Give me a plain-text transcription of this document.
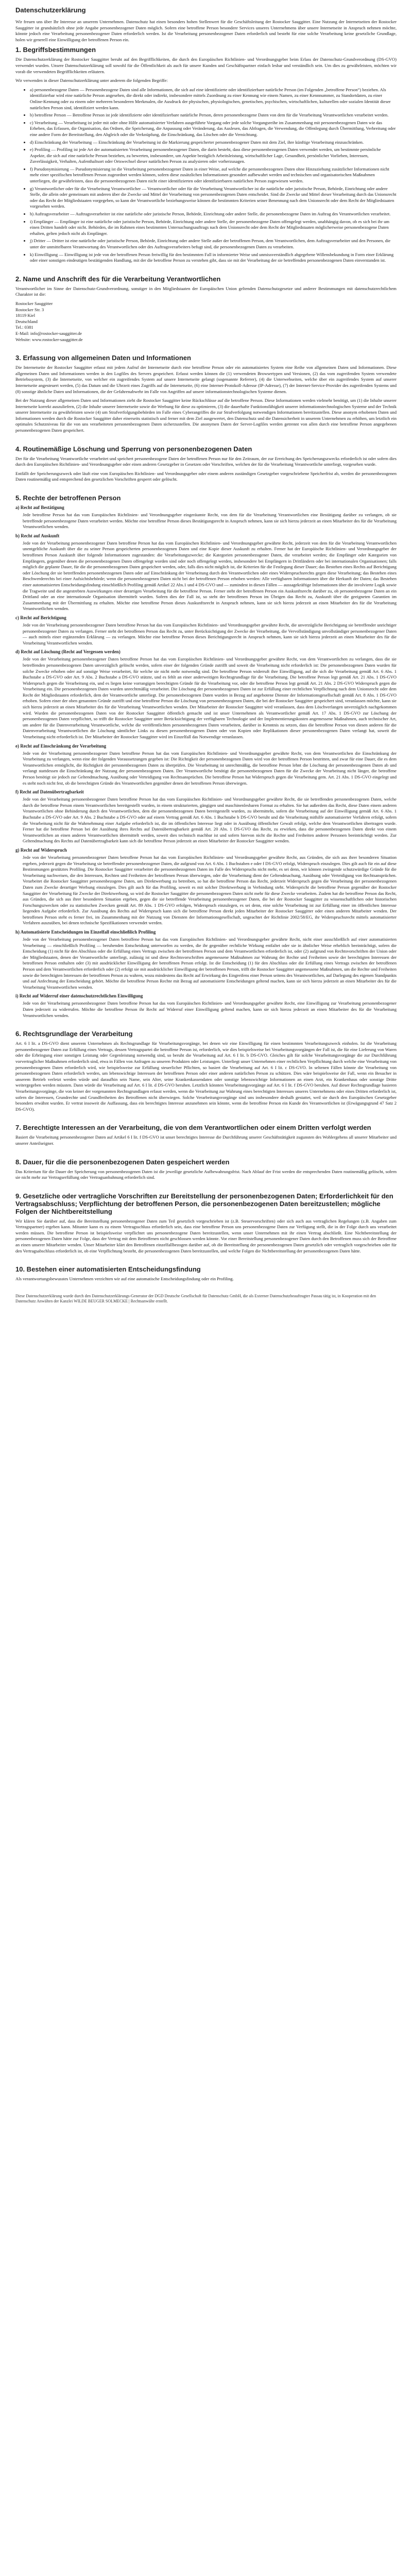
Datenschutzerklärung

Wir freuen uns über Ihr Interesse an unserem Unternehmen. Datenschutz hat einen besonders hohen Stellenwert für die Geschäftsleitung der Rostocker Sauggitter. Eine Nutzung der Internetseiten der Rostocker Sauggitter ist grundsätzlich ohne jede Angabe personenbezogener Daten möglich. Sofern eine betroffene Person besondere Services unseres Unternehmens über unsere Internetseite in Anspruch nehmen möchte, könnte jedoch eine Verarbeitung personenbezogener Daten erforderlich werden. Ist die Verarbeitung personenbezogener Daten erforderlich und besteht für eine solche Verarbeitung keine gesetzliche Grundlage, holen wir generell eine Einwilligung der betroffenen Person ein.

1. Begriffsbestimmungen

Die Datenschutzerklärung der Rostocker Sauggitter beruht auf den Begrifflichkeiten, die durch den Europäischen Richtlinien- und Verordnungsgeber beim Erlass der Datenschutz-Grundverordnung (DS-GVO) verwendet wurden. Unsere Datenschutzerklärung soll sowohl für die Öffentlichkeit als auch für unsere Kunden und Geschäftspartner einfach lesbar und verständlich sein. Um dies zu gewährleisten, möchten wir vorab die verwendeten Begrifflichkeiten erläutern.

Wir verwenden in dieser Datenschutzerklärung unter anderem die folgenden Begriffe:

• a) personenbezogene Daten — Personenbezogene Daten sind alle Informationen, die sich auf eine identifizierte oder identifizierbare natürliche Person (im Folgenden „betroffene Person“) beziehen. Als identifizierbar wird eine natürliche Person angesehen, die direkt oder indirekt, insbesondere mittels Zuordnung zu einer Kennung wie einem Namen, zu einer Kennnummer, zu Standortdaten, zu einer Online-Kennung oder zu einem oder mehreren besonderen Merkmalen, die Ausdruck der physischen, physiologischen, genetischen, psychischen, wirtschaftlichen, kulturellen oder sozialen Identität dieser natürlichen Person sind, identifiziert werden kann.
• b) betroffene Person — Betroffene Person ist jede identifizierte oder identifizierbare natürliche Person, deren personenbezogene Daten von dem für die Verarbeitung Verantwortlichen verarbeitet werden.
• c) Verarbeitung — Verarbeitung ist jeder mit oder ohne Hilfe automatisierter Verfahren ausgeführte Vorgang oder jede solche Vorgangsreihe im Zusammenhang mit personenbezogenen Daten wie das Erheben, das Erfassen, die Organisation, das Ordnen, die Speicherung, die Anpassung oder Veränderung, das Auslesen, das Abfragen, die Verwendung, die Offenlegung durch Übermittlung, Verbreitung oder eine andere Form der Bereitstellung, den Abgleich oder die Verknüpfung, die Einschränkung, das Löschen oder die Vernichtung.
• d) Einschränkung der Verarbeitung — Einschränkung der Verarbeitung ist die Markierung gespeicherter personenbezogener Daten mit dem Ziel, ihre künftige Verarbeitung einzuschränken.
• e) Profiling — Profiling ist jede Art der automatisierten Verarbeitung personenbezogener Daten, die darin besteht, dass diese personenbezogenen Daten verwendet werden, um bestimmte persönliche Aspekte, die sich auf eine natürliche Person beziehen, zu bewerten, insbesondere, um Aspekte bezüglich Arbeitsleistung, wirtschaftlicher Lage, Gesundheit, persönlicher Vorlieben, Interessen, Zuverlässigkeit, Verhalten, Aufenthaltsort oder Ortswechsel dieser natürlichen Person zu analysieren oder vorherzusagen.
• f) Pseudonymisierung — Pseudonymisierung ist die Verarbeitung personenbezogener Daten in einer Weise, auf welche die personenbezogenen Daten ohne Hinzuziehung zusätzlicher Informationen nicht mehr einer spezifischen betroffenen Person zugeordnet werden können, sofern diese zusätzlichen Informationen gesondert aufbewahrt werden und technischen und organisatorischen Maßnahmen unterliegen, die gewährleisten, dass die personenbezogenen Daten nicht einer identifizierten oder identifizierbaren natürlichen Person zugewiesen werden.
• g) Verantwortlicher oder für die Verarbeitung Verantwortlicher — Verantwortlicher oder für die Verarbeitung Verantwortlicher ist die natürliche oder juristische Person, Behörde, Einrichtung oder andere Stelle, die allein oder gemeinsam mit anderen über die Zwecke und Mittel der Verarbeitung von personenbezogenen Daten entscheidet. Sind die Zwecke und Mittel dieser Verarbeitung durch das Unionsrecht oder das Recht der Mitgliedstaaten vorgegeben, so kann der Verantwortliche beziehungsweise können die bestimmten Kriterien seiner Benennung nach dem Unionsrecht oder dem Recht der Mitgliedstaaten vorgesehen werden.
• h) Auftragsverarbeiter — Auftragsverarbeiter ist eine natürliche oder juristische Person, Behörde, Einrichtung oder andere Stelle, die personenbezogene Daten im Auftrag des Verantwortlichen verarbeitet.
• i) Empfänger — Empfänger ist eine natürliche oder juristische Person, Behörde, Einrichtung oder andere Stelle, der personenbezogene Daten offengelegt werden, unabhängig davon, ob es sich bei ihr um einen Dritten handelt oder nicht. Behörden, die im Rahmen eines bestimmten Untersuchungsauftrags nach dem Unionsrecht oder dem Recht der Mitgliedstaaten möglicherweise personenbezogene Daten erhalten, gelten jedoch nicht als Empfänger.
• j) Dritter — Dritter ist eine natürliche oder juristische Person, Behörde, Einrichtung oder andere Stelle außer der betroffenen Person, dem Verantwortlichen, dem Auftragsverarbeiter und den Personen, die unter der unmittelbaren Verantwortung des Verantwortlichen oder des Auftragsverarbeiters befugt sind, die personenbezogenen Daten zu verarbeiten.
• k) Einwilligung — Einwilligung ist jede von der betroffenen Person freiwillig für den bestimmten Fall in informierter Weise und unmissverständlich abgegebene Willensbekundung in Form einer Erklärung oder einer sonstigen eindeutigen bestätigenden Handlung, mit der die betroffene Person zu verstehen gibt, dass sie mit der Verarbeitung der sie betreffenden personenbezogenen Daten einverstanden ist.
2. Name und Anschrift des für die Verarbeitung Verantwortlichen

Verantwortlicher im Sinne der Datenschutz-Grundverordnung, sonstiger in den Mitgliedstaaten der Europäischen Union geltenden Datenschutzgesetze und anderer Bestimmungen mit datenschutzrechtlichem Charakter ist die:

Rostocker Sauggitter
Rostocker Str. 3
18119 Kiel
Deutschland
Tel.: 0381
E-Mail: info@rostocker-sauggitter.de
Website: www.rostocker-sauggitter.de
3. Erfassung von allgemeinen Daten und Informationen

Die Internetseite der Rostocker Sauggitter erfasst mit jedem Aufruf der Internetseite durch eine betroffene Person oder ein automatisiertes System eine Reihe von allgemeinen Daten und Informationen. Diese allgemeinen Daten und Informationen werden in den Logfiles des Servers gespeichert. Erfasst werden können die (1) verwendeten Browsertypen und Versionen, (2) das vom zugreifenden System verwendete Betriebssystem, (3) die Internetseite, von welcher ein zugreifendes System auf unsere Internetseite gelangt (sogenannte Referrer), (4) die Unterwebseiten, welche über ein zugreifendes System auf unserer Internetseite angesteuert werden, (5) das Datum und die Uhrzeit eines Zugriffs auf die Internetseite, (6) eine Internet-Protokoll-Adresse (IP-Adresse), (7) der Internet-Service-Provider des zugreifenden Systems und (8) sonstige ähnliche Daten und Informationen, die der Gefahrenabwehr im Falle von Angriffen auf unsere informationstechnologischen Systeme dienen.

Bei der Nutzung dieser allgemeinen Daten und Informationen zieht die Rostocker Sauggitter keine Rückschlüsse auf die betroffene Person. Diese Informationen werden vielmehr benötigt, um (1) die Inhalte unserer Internetseite korrekt auszuliefern, (2) die Inhalte unserer Internetseite sowie die Werbung für diese zu optimieren, (3) die dauerhafte Funktionsfähigkeit unserer informationstechnologischen Systeme und der Technik unserer Internetseite zu gewährleisten sowie (4) um Strafverfolgungsbehörden im Falle eines Cyberangriffes die zur Strafverfolgung notwendigen Informationen bereitzustellen. Diese anonym erhobenen Daten und Informationen werden durch die Rostocker Sauggitter daher einerseits statistisch und ferner mit dem Ziel ausgewertet, den Datenschutz und die Datensicherheit in unserem Unternehmen zu erhöhen, um letztlich ein optimales Schutzniveau für die von uns verarbeiteten personenbezogenen Daten sicherzustellen. Die anonymen Daten der Server-Logfiles werden getrennt von allen durch eine betroffene Person angegebenen personenbezogenen Daten gespeichert.

4. Routinemäßige Löschung und Sperrung von personenbezogenen Daten

Der für die Verarbeitung Verantwortliche verarbeitet und speichert personenbezogene Daten der betroffenen Person nur für den Zeitraum, der zur Erreichung des Speicherungszwecks erforderlich ist oder sofern dies durch den Europäischen Richtlinien- und Verordnungsgeber oder einen anderen Gesetzgeber in Gesetzen oder Vorschriften, welchen der für die Verarbeitung Verantwortliche unterliegt, vorgesehen wurde.

Entfällt der Speicherungszweck oder läuft eine vom Europäischen Richtlinien- und Verordnungsgeber oder einem anderen zuständigen Gesetzgeber vorgeschriebene Speicherfrist ab, werden die personenbezogenen Daten routinemäßig und entsprechend den gesetzlichen Vorschriften gesperrt oder gelöscht.

5. Rechte der betroffenen Person
a) Recht auf Bestätigung

Jede betroffene Person hat das vom Europäischen Richtlinien- und Verordnungsgeber eingeräumte Recht, von dem für die Verarbeitung Verantwortlichen eine Bestätigung darüber zu verlangen, ob sie betreffende personenbezogene Daten verarbeitet werden. Möchte eine betroffene Person dieses Bestätigungsrecht in Anspruch nehmen, kann sie sich hierzu jederzeit an einen Mitarbeiter des für die Verarbeitung Verantwortlichen wenden.

b) Recht auf Auskunft

Jede von der Verarbeitung personenbezogener Daten betroffene Person hat das vom Europäischen Richtlinien- und Verordnungsgeber gewährte Recht, jederzeit von dem für die Verarbeitung Verantwortlichen unentgeltliche Auskunft über die zu seiner Person gespeicherten personenbezogenen Daten und eine Kopie dieser Auskunft zu erhalten. Ferner hat der Europäische Richtlinien- und Verordnungsgeber der betroffenen Person Auskunft über folgende Informationen zugestanden: die Verarbeitungszwecke; die Kategorien personenbezogener Daten, die verarbeitet werden; die Empfänger oder Kategorien von Empfängern, gegenüber denen die personenbezogenen Daten offengelegt worden sind oder noch offengelegt werden, insbesondere bei Empfängern in Drittländern oder bei internationalen Organisationen; falls möglich die geplante Dauer, für die die personenbezogenen Daten gespeichert werden, oder, falls dies nicht möglich ist, die Kriterien für die Festlegung dieser Dauer; das Bestehen eines Rechts auf Berichtigung oder Löschung der sie betreffenden personenbezogenen Daten oder auf Einschränkung der Verarbeitung durch den Verantwortlichen oder eines Widerspruchsrechts gegen diese Verarbeitung; das Bestehen eines Beschwerderechts bei einer Aufsichtsbehörde; wenn die personenbezogenen Daten nicht bei der betroffenen Person erhoben werden: Alle verfügbaren Informationen über die Herkunft der Daten; das Bestehen einer automatisierten Entscheidungsfindung einschließlich Profiling gemäß Artikel 22 Abs.1 und 4 DS-GVO und — zumindest in diesen Fällen — aussagekräftige Informationen über die involvierte Logik sowie die Tragweite und die angestrebten Auswirkungen einer derartigen Verarbeitung für die betroffene Person. Ferner steht der betroffenen Person ein Auskunftsrecht darüber zu, ob personenbezogene Daten an ein Drittland oder an eine internationale Organisation übermittelt wurden. Sofern dies der Fall ist, so steht der betroffenen Person im Übrigen das Recht zu, Auskunft über die geeigneten Garantien im Zusammenhang mit der Übermittlung zu erhalten. Möchte eine betroffene Person dieses Auskunftsrecht in Anspruch nehmen, kann sie sich hierzu jederzeit an einen Mitarbeiter des für die Verarbeitung Verantwortlichen wenden.

c) Recht auf Berichtigung

Jede von der Verarbeitung personenbezogener Daten betroffene Person hat das vom Europäischen Richtlinien- und Verordnungsgeber gewährte Recht, die unverzügliche Berichtigung sie betreffender unrichtiger personenbezogener Daten zu verlangen. Ferner steht der betroffenen Person das Recht zu, unter Berücksichtigung der Zwecke der Verarbeitung, die Vervollständigung unvollständiger personenbezogener Daten — auch mittels einer ergänzenden Erklärung — zu verlangen. Möchte eine betroffene Person dieses Berichtigungsrecht in Anspruch nehmen, kann sie sich hierzu jederzeit an einen Mitarbeiter des für die Verarbeitung Verantwortlichen wenden.

d) Recht auf Löschung (Recht auf Vergessen werden)

Jede von der Verarbeitung personenbezogener Daten betroffene Person hat das vom Europäischen Richtlinien- und Verordnungsgeber gewährte Recht, von dem Verantwortlichen zu verlangen, dass die sie betreffenden personenbezogenen Daten unverzüglich gelöscht werden, sofern einer der folgenden Gründe zutrifft und soweit die Verarbeitung nicht erforderlich ist: Die personenbezogenen Daten wurden für solche Zwecke erhoben oder auf sonstige Weise verarbeitet, für welche sie nicht mehr notwendig sind. Die betroffene Person widerruft ihre Einwilligung, auf die sich die Verarbeitung gemäß Art. 6 Abs. 1 Buchstabe a DS-GVO oder Art. 9 Abs. 2 Buchstabe a DS-GVO stützte, und es fehlt an einer anderweitigen Rechtsgrundlage für die Verarbeitung. Die betroffene Person legt gemäß Art. 21 Abs. 1 DS-GVO Widerspruch gegen die Verarbeitung ein, und es liegen keine vorrangigen berechtigten Gründe für die Verarbeitung vor, oder die betroffene Person legt gemäß Art. 21 Abs. 2 DS-GVO Widerspruch gegen die Verarbeitung ein. Die personenbezogenen Daten wurden unrechtmäßig verarbeitet. Die Löschung der personenbezogenen Daten ist zur Erfüllung einer rechtlichen Verpflichtung nach dem Unionsrecht oder dem Recht der Mitgliedstaaten erforderlich, dem der Verantwortliche unterliegt. Die personenbezogenen Daten wurden in Bezug auf angebotene Dienste der Informationsgesellschaft gemäß Art. 8 Abs. 1 DS-GVO erhoben. Sofern einer der oben genannten Gründe zutrifft und eine betroffene Person die Löschung von personenbezogenen Daten, die bei der Rostocker Sauggitter gespeichert sind, veranlassen möchte, kann sie sich hierzu jederzeit an einen Mitarbeiter des für die Verarbeitung Verantwortlichen wenden. Der Mitarbeiter der Rostocker Sauggitter wird veranlassen, dass dem Löschverlangen unverzüglich nachgekommen wird. Wurden die personenbezogenen Daten von der Rostocker Sauggitter öffentlich gemacht und ist unser Unternehmen als Verantwortlicher gemäß Art. 17 Abs. 1 DS-GVO zur Löschung der personenbezogenen Daten verpflichtet, so trifft die Rostocker Sauggitter unter Berücksichtigung der verfügbaren Technologie und der Implementierungskosten angemessene Maßnahmen, auch technischer Art, um andere für die Datenverarbeitung Verantwortliche, welche die veröffentlichten personenbezogenen Daten verarbeiten, darüber in Kenntnis zu setzen, dass die betroffene Person von diesen anderen für die Datenverarbeitung Verantwortlichen die Löschung sämtlicher Links zu diesen personenbezogenen Daten oder von Kopien oder Replikationen dieser personenbezogenen Daten verlangt hat, soweit die Verarbeitung nicht erforderlich ist. Der Mitarbeiter der Rostocker Sauggitter wird im Einzelfall das Notwendige veranlassen.

e) Recht auf Einschränkung der Verarbeitung

Jede von der Verarbeitung personenbezogener Daten betroffene Person hat das vom Europäischen Richtlinien- und Verordnungsgeber gewährte Recht, von dem Verantwortlichen die Einschränkung der Verarbeitung zu verlangen, wenn eine der folgenden Voraussetzungen gegeben ist: Die Richtigkeit der personenbezogenen Daten wird von der betroffenen Person bestritten, und zwar für eine Dauer, die es dem Verantwortlichen ermöglicht, die Richtigkeit der personenbezogenen Daten zu überprüfen. Die Verarbeitung ist unrechtmäßig, die betroffene Person lehnt die Löschung der personenbezogenen Daten ab und verlangt stattdessen die Einschränkung der Nutzung der personenbezogenen Daten. Der Verantwortliche benötigt die personenbezogenen Daten für die Zwecke der Verarbeitung nicht länger, die betroffene Person benötigt sie jedoch zur Geltendmachung, Ausübung oder Verteidigung von Rechtsansprüchen. Die betroffene Person hat Widerspruch gegen die Verarbeitung gem. Art. 21 Abs. 1 DS-GVO eingelegt und es steht noch nicht fest, ob die berechtigten Gründe des Verantwortlichen gegenüber denen der betroffenen Person überwiegen.

f) Recht auf Datenübertragbarkeit

Jede von der Verarbeitung personenbezogener Daten betroffene Person hat das vom Europäischen Richtlinien- und Verordnungsgeber gewährte Recht, die sie betreffenden personenbezogenen Daten, welche durch die betroffene Person einem Verantwortlichen bereitgestellt wurden, in einem strukturierten, gängigen und maschinenlesbaren Format zu erhalten. Sie hat außerdem das Recht, diese Daten einem anderen Verantwortlichen ohne Behinderung durch den Verantwortlichen, dem die personenbezogenen Daten bereitgestellt wurden, zu übermitteln, sofern die Verarbeitung auf der Einwilligung gemäß Art. 6 Abs. 1 Buchstabe a DS-GVO oder Art. 9 Abs. 2 Buchstabe a DS-GVO oder auf einem Vertrag gemäß Art. 6 Abs. 1 Buchstabe b DS-GVO beruht und die Verarbeitung mithilfe automatisierter Verfahren erfolgt, sofern die Verarbeitung nicht für die Wahrnehmung einer Aufgabe erforderlich ist, die im öffentlichen Interesse liegt oder in Ausübung öffentlicher Gewalt erfolgt, welche dem Verantwortlichen übertragen wurde. Ferner hat die betroffene Person bei der Ausübung ihres Rechts auf Datenübertragbarkeit gemäß Art. 20 Abs. 1 DS-GVO das Recht, zu erwirken, dass die personenbezogenen Daten direkt von einem Verantwortlichen an einen anderen Verantwortlichen übermittelt werden, soweit dies technisch machbar ist und sofern hiervon nicht die Rechte und Freiheiten anderer Personen beeinträchtigt werden. Zur Geltendmachung des Rechts auf Datenübertragbarkeit kann sich die betroffene Person jederzeit an einen Mitarbeiter der Rostocker Sauggitter wenden.

g) Recht auf Widerspruch

Jede von der Verarbeitung personenbezogener Daten betroffene Person hat das vom Europäischen Richtlinien- und Verordnungsgeber gewährte Recht, aus Gründen, die sich aus ihrer besonderen Situation ergeben, jederzeit gegen die Verarbeitung sie betreffender personenbezogener Daten, die aufgrund von Art. 6 Abs. 1 Buchstaben e oder f DS-GVO erfolgt, Widerspruch einzulegen. Dies gilt auch für ein auf diese Bestimmungen gestütztes Profiling. Die Rostocker Sauggitter verarbeitet die personenbezogenen Daten im Falle des Widerspruchs nicht mehr, es sei denn, wir können zwingende schutzwürdige Gründe für die Verarbeitung nachweisen, die den Interessen, Rechten und Freiheiten der betroffenen Person überwiegen, oder die Verarbeitung dient der Geltendmachung, Ausübung oder Verteidigung von Rechtsansprüchen. Verarbeitet die Rostocker Sauggitter personenbezogene Daten, um Direktwerbung zu betreiben, so hat die betroffene Person das Recht, jederzeit Widerspruch gegen die Verarbeitung der personenbezogenen Daten zum Zwecke derartiger Werbung einzulegen. Dies gilt auch für das Profiling, soweit es mit solcher Direktwerbung in Verbindung steht. Widerspricht die betroffene Person gegenüber der Rostocker Sauggitter der Verarbeitung für Zwecke der Direktwerbung, so wird die Rostocker Sauggitter die personenbezogenen Daten nicht mehr für diese Zwecke verarbeiten. Zudem hat die betroffene Person das Recht, aus Gründen, die sich aus ihrer besonderen Situation ergeben, gegen die sie betreffende Verarbeitung personenbezogener Daten, die bei der Rostocker Sauggitter zu wissenschaftlichen oder historischen Forschungszwecken oder zu statistischen Zwecken gemäß Art. 89 Abs. 1 DS-GVO erfolgen, Widerspruch einzulegen, es sei denn, eine solche Verarbeitung ist zur Erfüllung einer im öffentlichen Interesse liegenden Aufgabe erforderlich. Zur Ausübung des Rechts auf Widerspruch kann sich die betroffene Person direkt jeden Mitarbeiter der Rostocker Sauggitter oder einen anderen Mitarbeiter wenden. Der betroffenen Person steht es ferner frei, im Zusammenhang mit der Nutzung von Diensten der Informationsgesellschaft, ungeachtet der Richtlinie 2002/58/EG, ihr Widerspruchsrecht mittels automatisierter Verfahren auszuüben, bei denen technische Spezifikationen verwendet werden.

h) Automatisierte Entscheidungen im Einzelfall einschließlich Profiling

Jede von der Verarbeitung personenbezogener Daten betroffene Person hat das vom Europäischen Richtlinien- und Verordnungsgeber gewährte Recht, nicht einer ausschließlich auf einer automatisierten Verarbeitung — einschließlich Profiling — beruhenden Entscheidung unterworfen zu werden, die ihr gegenüber rechtliche Wirkung entfaltet oder sie in ähnlicher Weise erheblich beeinträchtigt, sofern die Entscheidung (1) nicht für den Abschluss oder die Erfüllung eines Vertrags zwischen der betroffenen Person und dem Verantwortlichen erforderlich ist, oder (2) aufgrund von Rechtsvorschriften der Union oder der Mitgliedstaaten, denen der Verantwortliche unterliegt, zulässig ist und diese Rechtsvorschriften angemessene Maßnahmen zur Wahrung der Rechte und Freiheiten sowie der berechtigten Interessen der betroffenen Person enthalten oder (3) mit ausdrücklicher Einwilligung der betroffenen Person erfolgt. Ist die Entscheidung (1) für den Abschluss oder die Erfüllung eines Vertrags zwischen der betroffenen Person und dem Verantwortlichen erforderlich oder (2) erfolgt sie mit ausdrücklicher Einwilligung der betroffenen Person, trifft die Rostocker Sauggitter angemessene Maßnahmen, um die Rechte und Freiheiten sowie die berechtigten Interessen der betroffenen Person zu wahren, wozu mindestens das Recht auf Erwirkung des Eingreifens einer Person seitens des Verantwortlichen, auf Darlegung des eigenen Standpunkts und auf Anfechtung der Entscheidung gehört. Möchte die betroffene Person Rechte mit Bezug auf automatisierte Entscheidungen geltend machen, kann sie sich hierzu jederzeit an einen Mitarbeiter des für die Verarbeitung Verantwortlichen wenden.

i) Recht auf Widerruf einer datenschutzrechtlichen Einwilligung

Jede von der Verarbeitung personenbezogener Daten betroffene Person hat das vom Europäischen Richtlinien- und Verordnungsgeber gewährte Recht, eine Einwilligung zur Verarbeitung personenbezogener Daten jederzeit zu widerrufen. Möchte die betroffene Person ihr Recht auf Widerruf einer Einwilligung geltend machen, kann sie sich hierzu jederzeit an einen Mitarbeiter des für die Verarbeitung Verantwortlichen wenden.

6. Rechtsgrundlage der Verarbeitung

Art. 6 I lit. a DS-GVO dient unserem Unternehmen als Rechtsgrundlage für Verarbeitungsvorgänge, bei denen wir eine Einwilligung für einen bestimmten Verarbeitungszweck einholen. Ist die Verarbeitung personenbezogener Daten zur Erfüllung eines Vertrags, dessen Vertragspartei die betroffene Person ist, erforderlich, wie dies beispielsweise bei Verarbeitungsvorgängen der Fall ist, die für eine Lieferung von Waren oder die Erbringung einer sonstigen Leistung oder Gegenleistung notwendig sind, so beruht die Verarbeitung auf Art. 6 I lit. b DS-GVO. Gleiches gilt für solche Verarbeitungsvorgänge die zur Durchführung vorvertraglicher Maßnahmen erforderlich sind, etwa in Fällen von Anfragen zu unseren Produkten oder Leistungen. Unterliegt unser Unternehmen einer rechtlichen Verpflichtung durch welche eine Verarbeitung von personenbezogenen Daten erforderlich wird, wie beispielsweise zur Erfüllung steuerlicher Pflichten, so basiert die Verarbeitung auf Art. 6 I lit. c DS-GVO. In seltenen Fällen könnte die Verarbeitung von personenbezogenen Daten erforderlich werden, um lebenswichtige Interessen der betroffenen Person oder einer anderen natürlichen Person zu schützen. Dies wäre beispielsweise der Fall, wenn ein Besucher in unserem Betrieb verletzt werden würde und daraufhin sein Name, sein Alter, seine Krankenkassendaten oder sonstige lebenswichtige Informationen an einen Arzt, ein Krankenhaus oder sonstige Dritte weitergegeben werden müssten. Dann würde die Verarbeitung auf Art. 6 I lit. d DS-GVO beruhen. Letztlich könnten Verarbeitungsvorgänge auf Art. 6 I lit. f DS-GVO beruhen. Auf dieser Rechtsgrundlage basieren Verarbeitungsvorgänge, die von keiner der vorgenannten Rechtsgrundlagen erfasst werden, wenn die Verarbeitung zur Wahrung eines berechtigten Interesses unseres Unternehmens oder eines Dritten erforderlich ist, sofern die Interessen, Grundrechte und Grundfreiheiten des Betroffenen nicht überwiegen. Solche Verarbeitungsvorgänge sind uns insbesondere deshalb gestattet, weil sie durch den Europäischen Gesetzgeber besonders erwähnt wurden. Er vertrat insoweit die Auffassung, dass ein berechtigtes Interesse anzunehmen sein könnte, wenn die betroffene Person ein Kunde des Verantwortlichen ist (Erwägungsgrund 47 Satz 2 DS-GVO).

7. Berechtigte Interessen an der Verarbeitung, die von dem Verantwortlichen oder einem Dritten verfolgt werden

Basiert die Verarbeitung personenbezogener Daten auf Artikel 6 I lit. f DS-GVO ist unser berechtigtes Interesse die Durchführung unserer Geschäftstätigkeit zugunsten des Wohlergehens all unserer Mitarbeiter und unserer Anteilseigner.

8. Dauer, für die die personenbezogenen Daten gespeichert werden

Das Kriterium für die Dauer der Speicherung von personenbezogenen Daten ist die jeweilige gesetzliche Aufbewahrungsfrist. Nach Ablauf der Frist werden die entsprechenden Daten routinemäßig gelöscht, sofern sie nicht mehr zur Vertragserfüllung oder Vertragsanbahnung erforderlich sind.

9. Gesetzliche oder vertragliche Vorschriften zur Bereitstellung der personenbezogenen Daten; Erforderlichkeit für den Vertragsabschluss; Verpflichtung der betroffenen Person, die personenbezogenen Daten bereitzustellen; mögliche Folgen der Nichtbereitstellung

Wir klären Sie darüber auf, dass die Bereitstellung personenbezogener Daten zum Teil gesetzlich vorgeschrieben ist (z.B. Steuervorschriften) oder sich auch aus vertraglichen Regelungen (z.B. Angaben zum Vertragspartner) ergeben kann. Mitunter kann es zu einem Vertragsschluss erforderlich sein, dass eine betroffene Person uns personenbezogene Daten zur Verfügung stellt, die in der Folge durch uns verarbeitet werden müssen. Die betroffene Person ist beispielsweise verpflichtet uns personenbezogene Daten bereitzustellen, wenn unser Unternehmen mit ihr einen Vertrag abschließt. Eine Nichtbereitstellung der personenbezogenen Daten hätte zur Folge, dass der Vertrag mit dem Betroffenen nicht geschlossen werden könnte. Vor einer Bereitstellung personenbezogener Daten durch den Betroffenen muss sich der Betroffene an einen unserer Mitarbeiter wenden. Unser Mitarbeiter klärt den Betroffenen einzelfallbezogen darüber auf, ob die Bereitstellung der personenbezogenen Daten gesetzlich oder vertraglich vorgeschrieben oder für den Vertragsabschluss erforderlich ist, ob eine Verpflichtung besteht, die personenbezogenen Daten bereitzustellen, und welche Folgen die Nichtbereitstellung der personenbezogenen Daten hätte.

10. Bestehen einer automatisierten Entscheidungsfindung

Als verantwortungsbewusstes Unternehmen verzichten wir auf eine automatische Entscheidungsfindung oder ein Profiling.

Diese Datenschutzerklärung wurde durch den Datenschutzerklärungs-Generator der DGD Deutsche Gesellschaft für Datenschutz GmbH, die als Externer Datenschutzbeauftragter Passau tätig ist, in Kooperation mit den Datenschutz Anwälten der Kanzlei WILDE BEUGER SOLMECKE | Rechtsanwälte erstellt.
